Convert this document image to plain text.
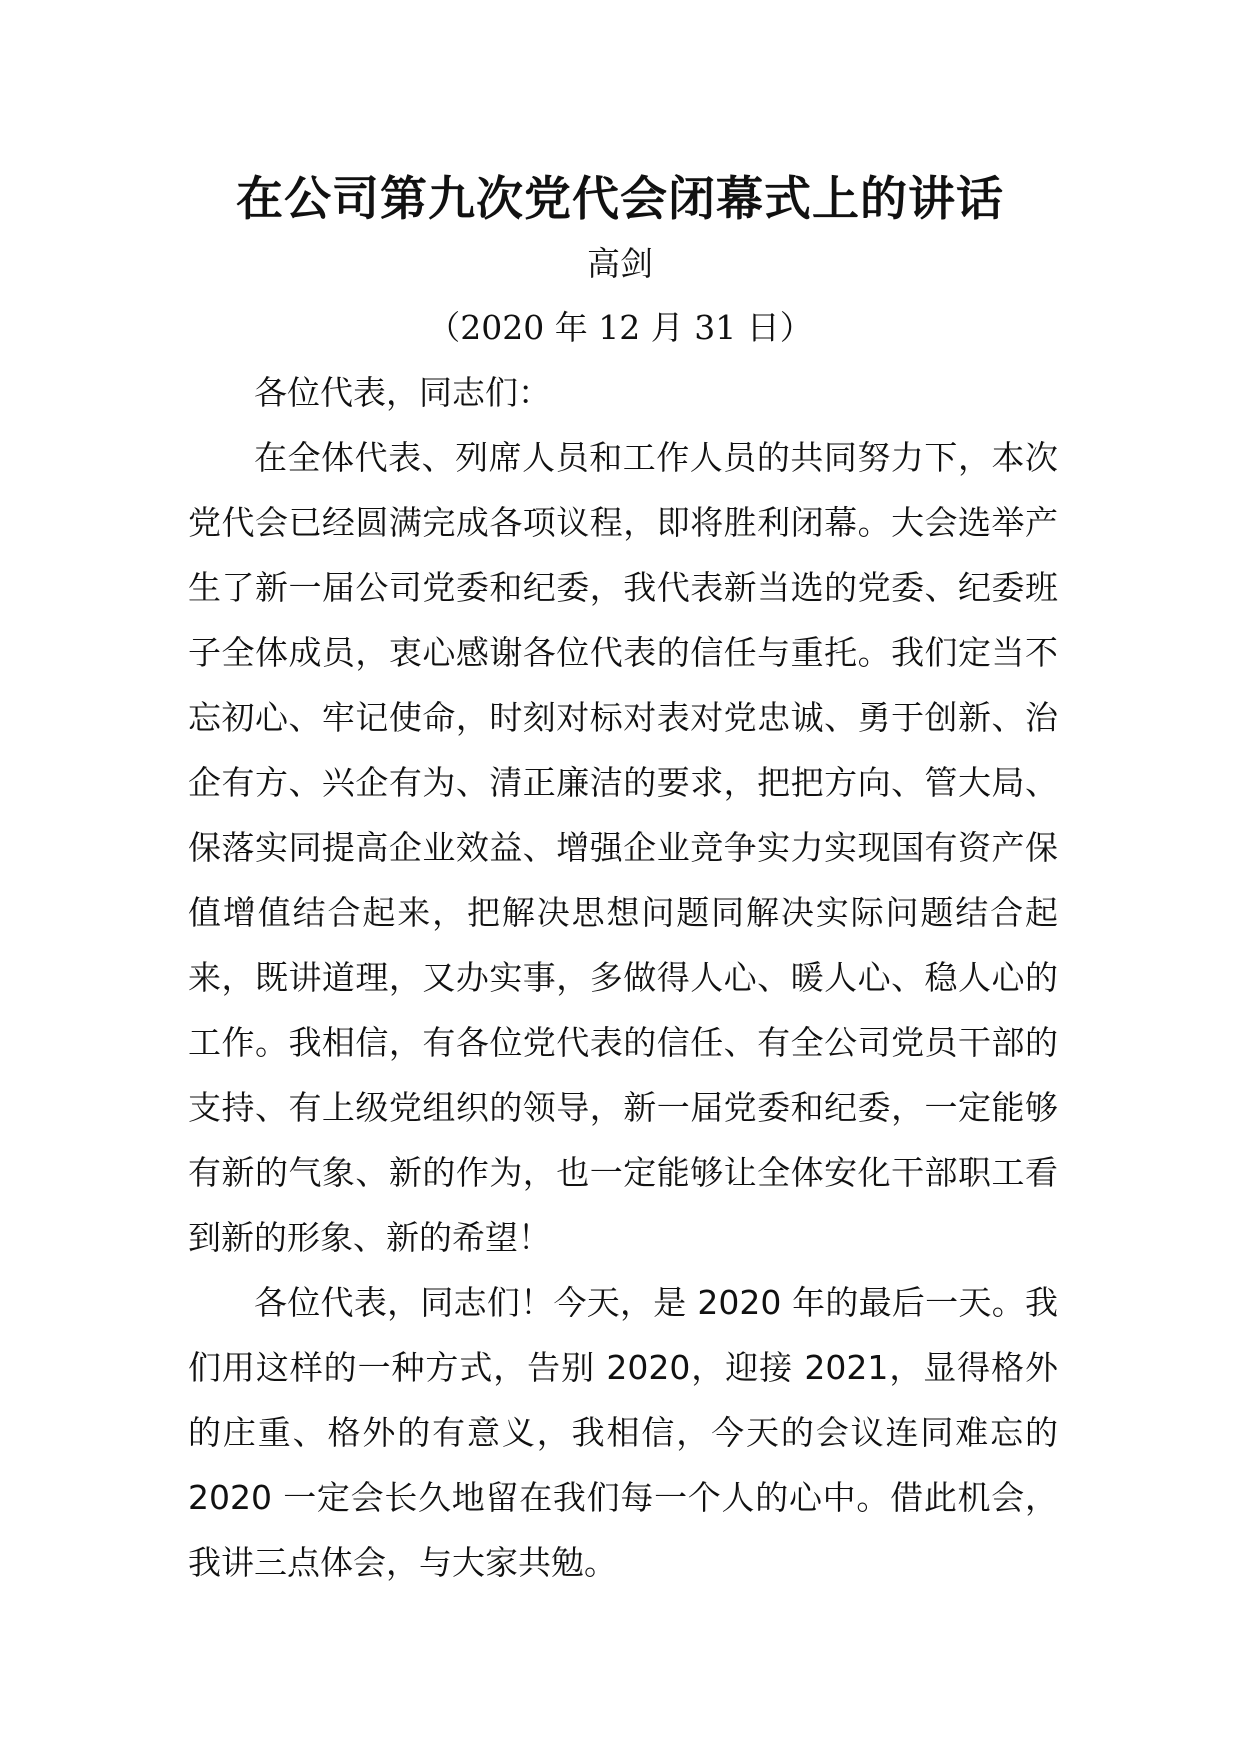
在公司第九次党代会闭幕式上的讲话
高剑
（2020 年 12 月 31 日）

各位代表，同志们：

在全体代表、列席人员和工作人员的共同努力下，本次党代会已经圆满完成各项议程，即将胜利闭幕。大会选举产生了新一届公司党委和纪委，我代表新当选的党委、纪委班子全体成员，衷心感谢各位代表的信任与重托。我们定当不忘初心、牢记使命，时刻对标对表对党忠诚、勇于创新、治企有方、兴企有为、清正廉洁的要求，把把方向、管大局、保落实同提高企业效益、增强企业竞争实力实现国有资产保值增值结合起来，把解决思想问题同解决实际问题结合起来，既讲道理，又办实事，多做得人心、暖人心、稳人心的工作。我相信，有各位党代表的信任、有全公司党员干部的支持、有上级党组织的领导，新一届党委和纪委，一定能够有新的气象、新的作为，也一定能够让全体安化干部职工看到新的形象、新的希望！

各位代表，同志们！今天，是 2020 年的最后一天。我们用这样的一种方式，告别 2020，迎接 2021，显得格外的庄重、格外的有意义，我相信，今天的会议连同难忘的 2020 一定会长久地留在我们每一个人的心中。借此机会，我讲三点体会，与大家共勉。
